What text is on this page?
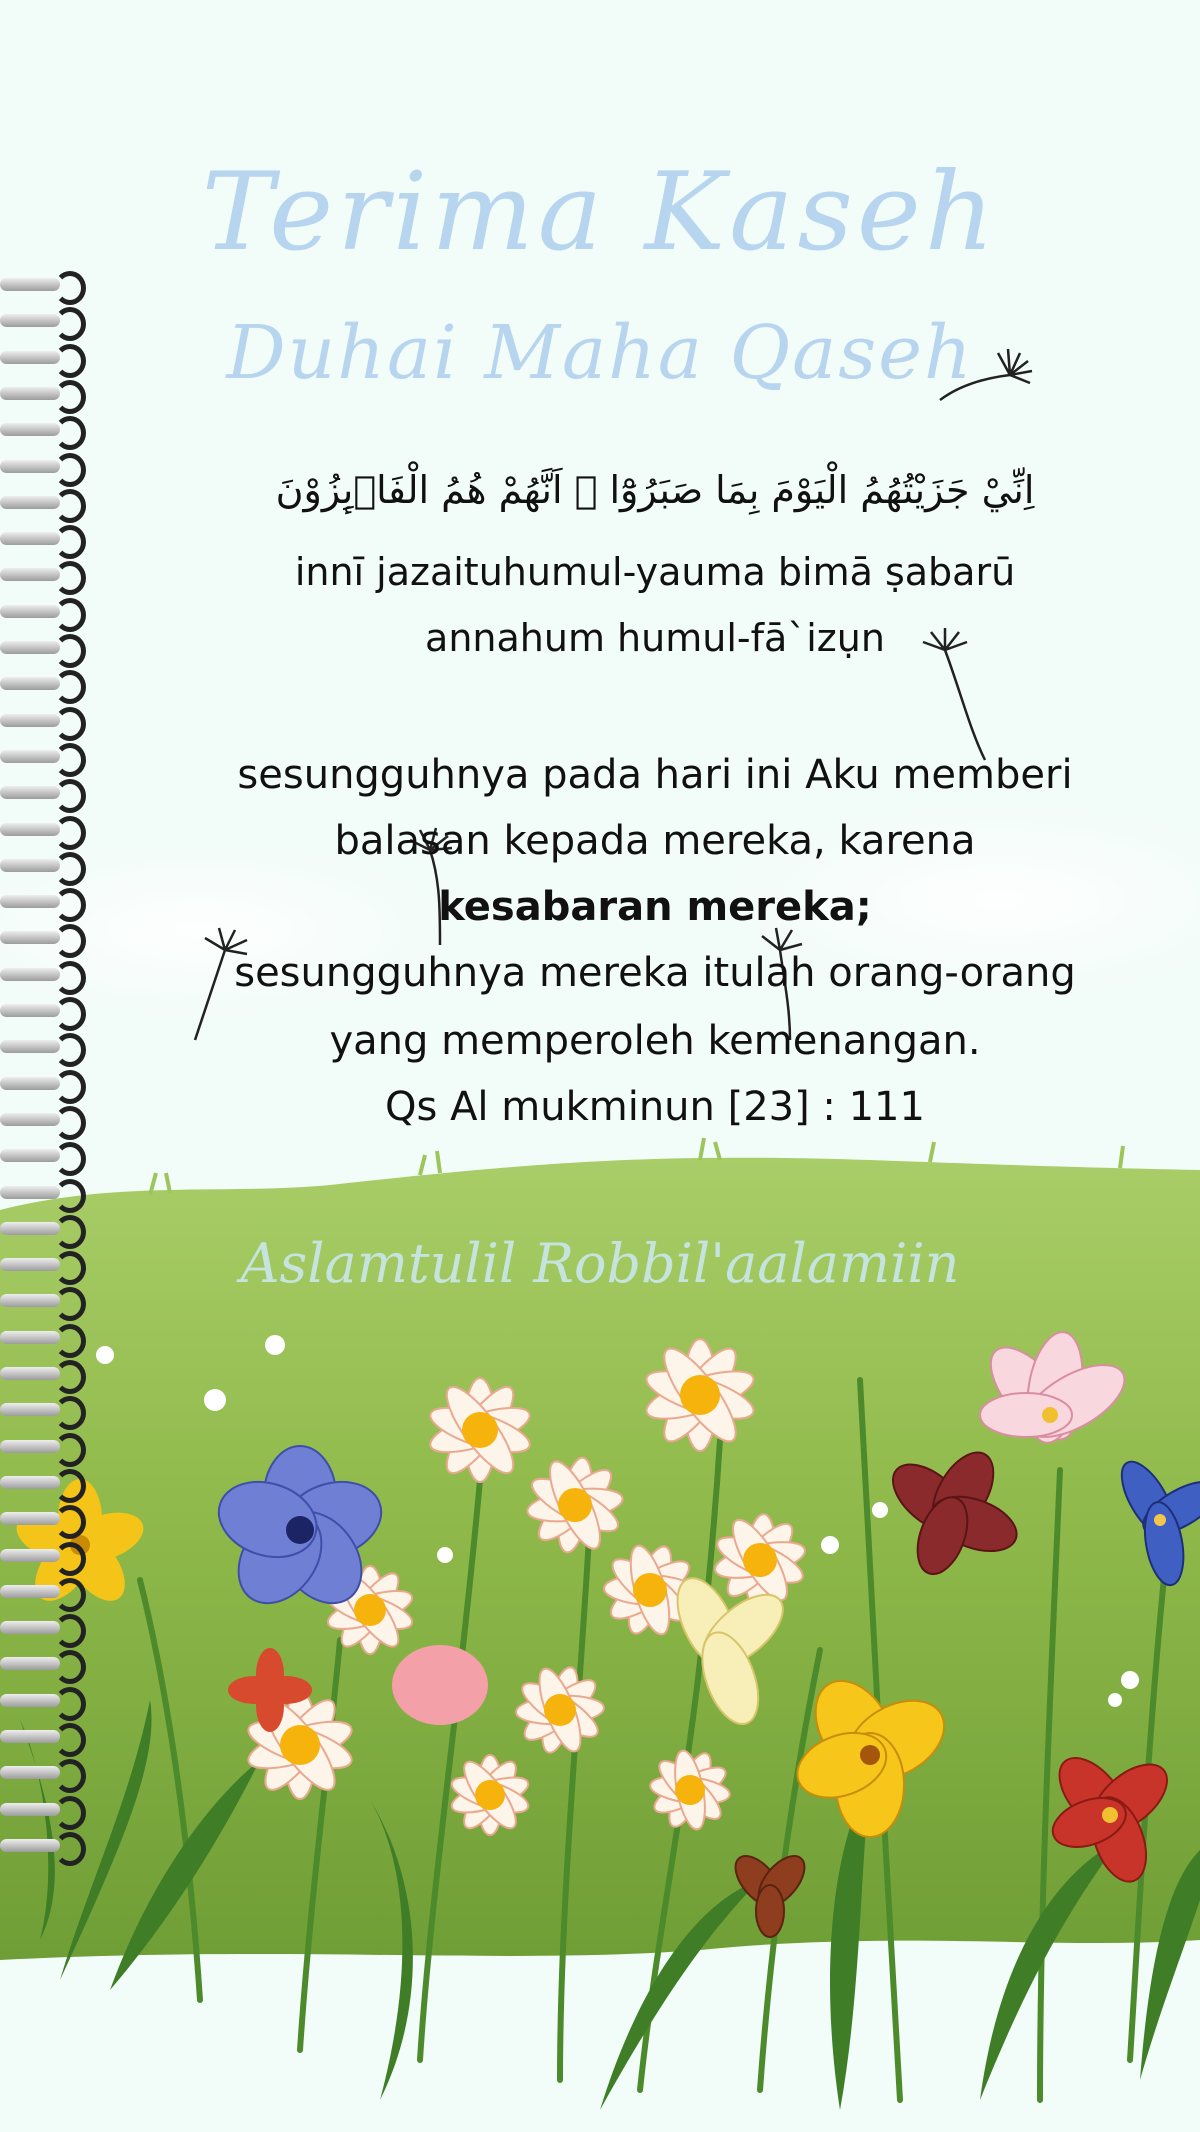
Terima Kaseh
Duhai Maha Qaseh
اِنِّيْ جَزَيْتُهُمُ الْيَوْمَ بِمَا صَبَرُوْٓا ۙ اَنَّهُمْ هُمُ الْفَاۤىِٕزُوْنَ
innī jazaituhumul-yauma bimā ṣabarū
annahum humul-fā`izụn
sesungguhnya pada hari ini Aku memberi
balasan kepada mereka, karena
kesabaran mereka;
sesungguhnya mereka itulah orang-orang
yang memperoleh kemenangan.
Qs Al mukminun [23] : 111
Aslamtulil Robbil'aalamiin
